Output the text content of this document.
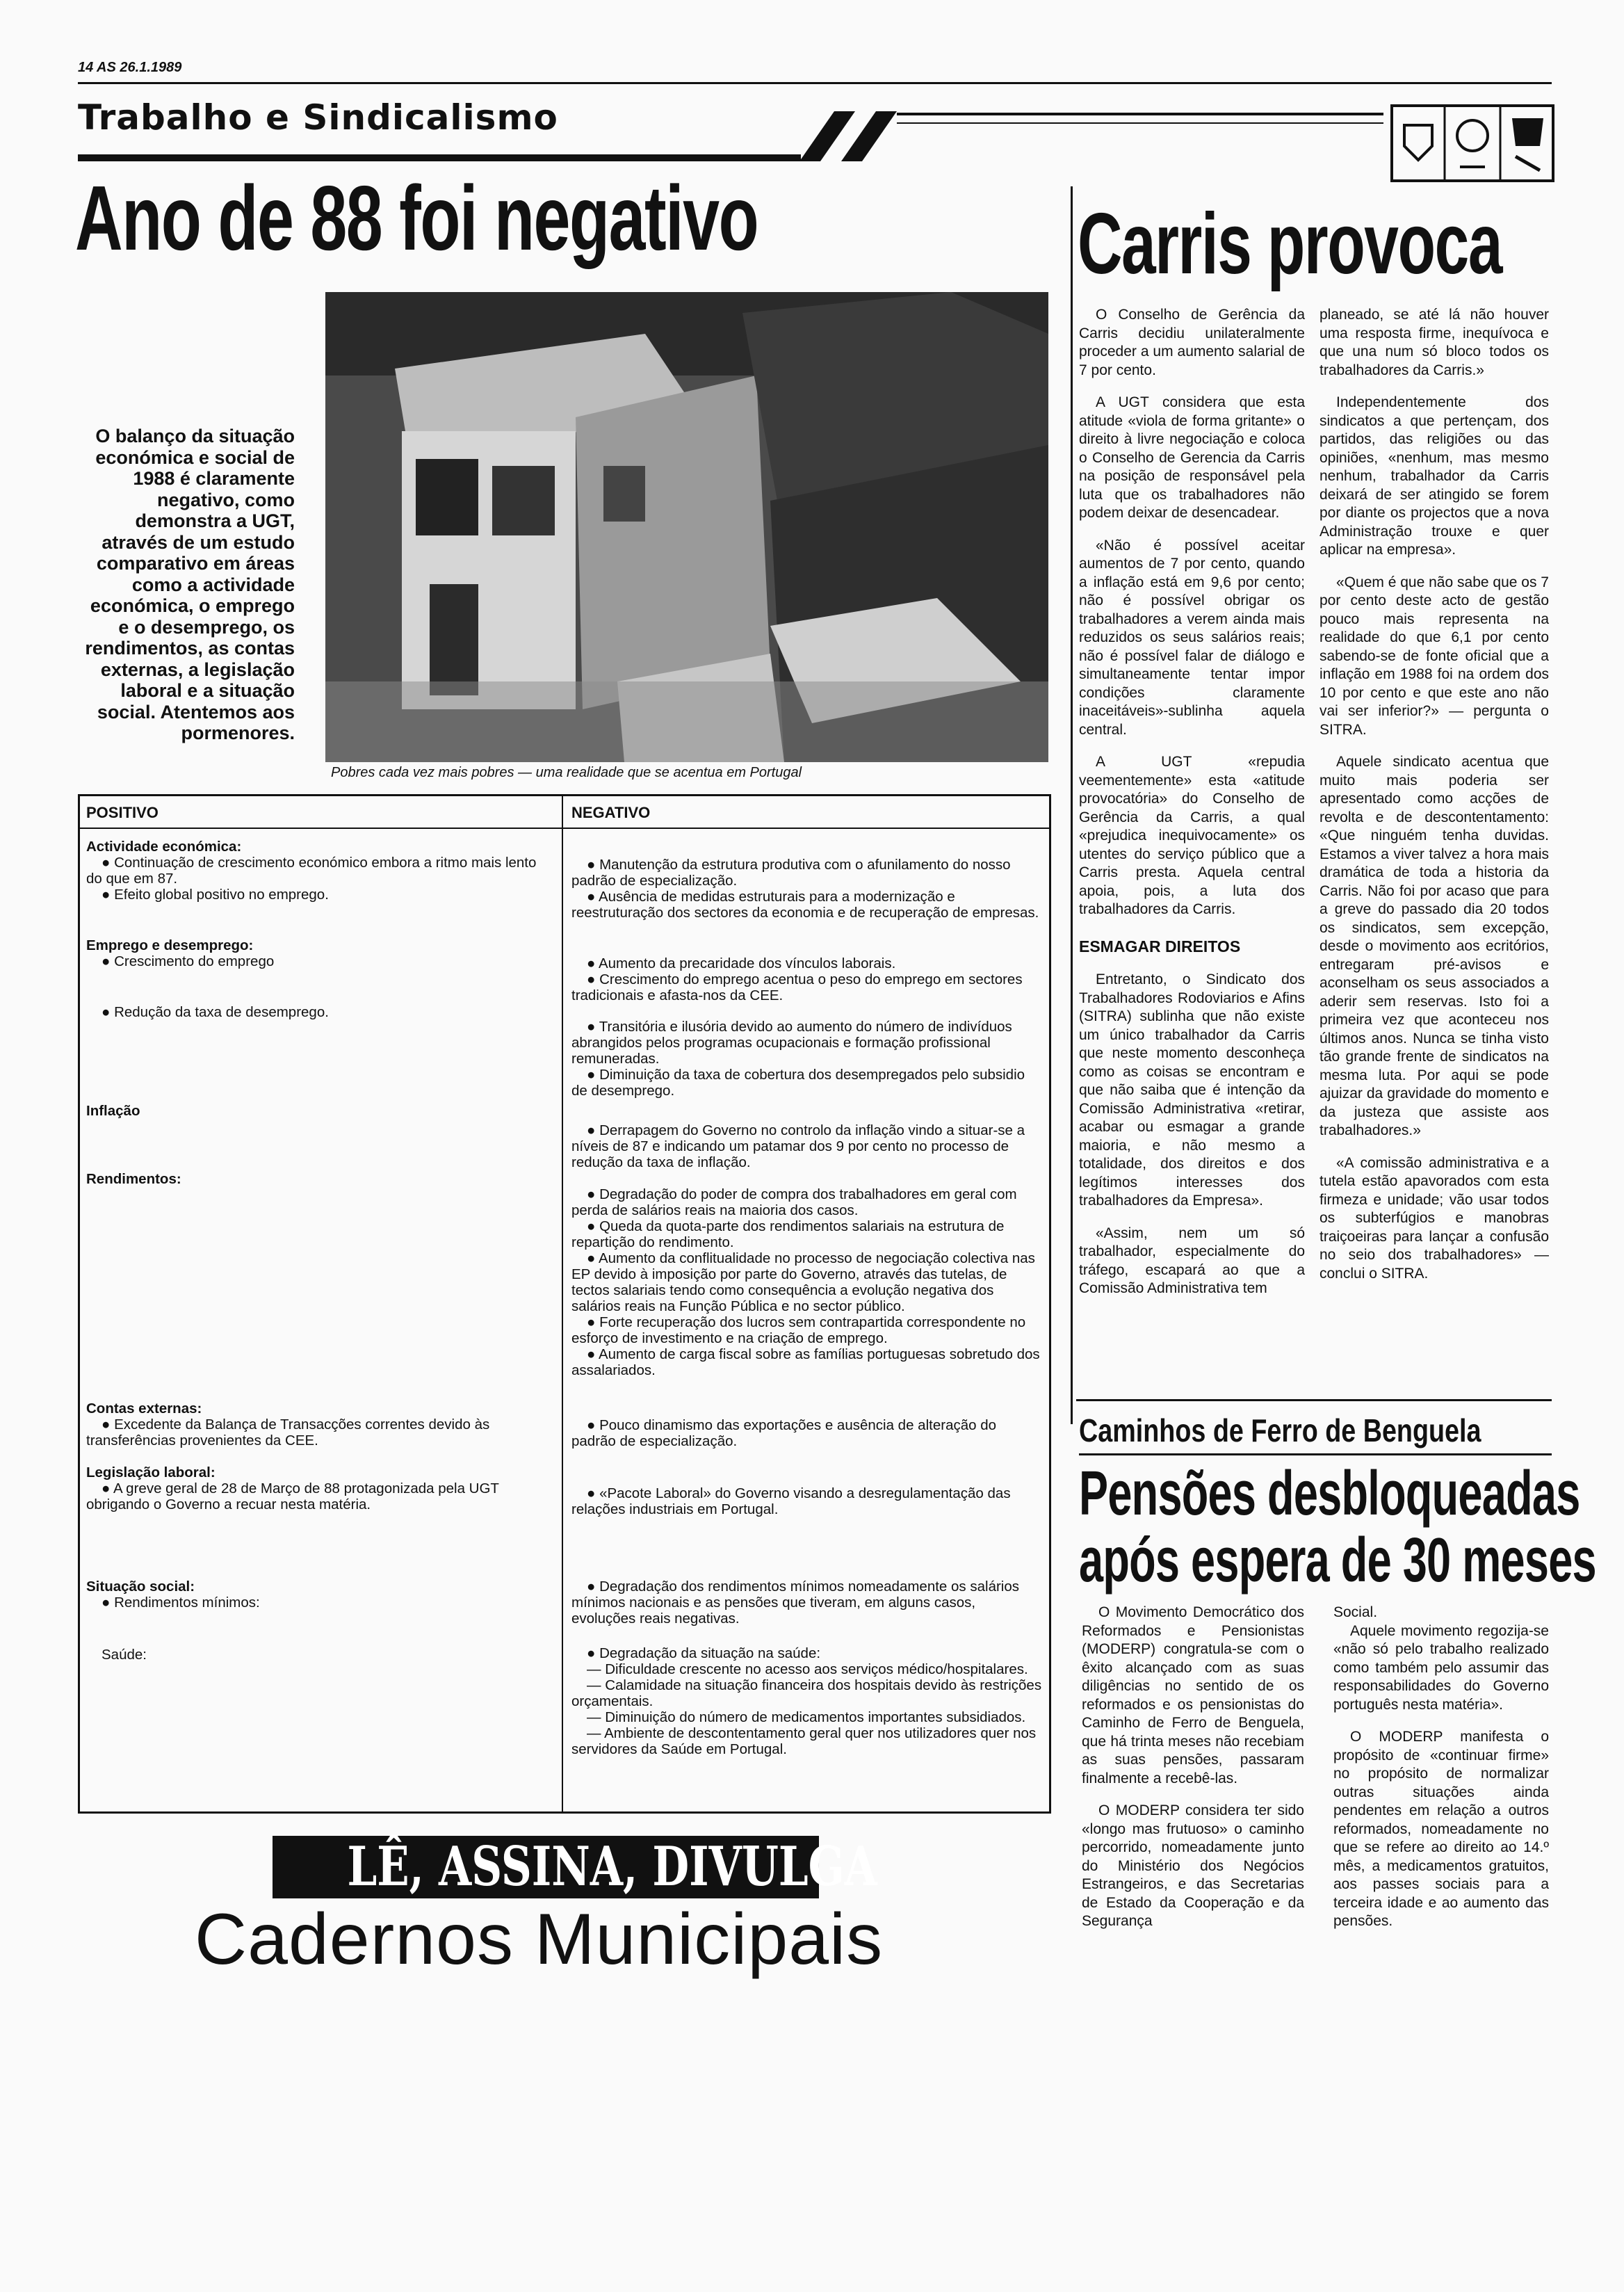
14 AS 26.1.1989
Trabalho e Sindicalismo
Ano de 88 foi negativo
O balanço da situação económica e social de 1988 é claramente negativo, como demonstra a UGT, através de um estudo comparativo em áreas como a actividade económica, o emprego e o desemprego, os rendimentos, as contas externas, a legislação laboral e a situação social. Atentemos aos pormenores.
Pobres cada vez mais pobres — uma realidade que se acentua em Portugal
POSITIVO	NEGATIVO

Actividade económica:

● Continuação de crescimento económico embora a ritmo mais lento do que em 87.

● Efeito global positivo no emprego.

● Manutenção da estrutura produtiva com o afunilamento do nosso padrão de especialização.

● Ausência de medidas estruturais para a modernização e reestruturação dos sectores da economia e de recuperação de empresas.

Emprego e desemprego:

● Crescimento do emprego

● Redução da taxa de desemprego.

● Aumento da precaridade dos vínculos laborais.

● Crescimento do emprego acentua o peso do emprego em sectores tradicionais e afasta-nos da CEE.

● Transitória e ilusória devido ao aumento do número de indivíduos abrangidos pelos programas ocupacionais e formação profissional remuneradas.

● Diminuição da taxa de cobertura dos desempregados pelo subsidio de desemprego.

Inflação

● Derrapagem do Governo no controlo da inflação vindo a situar-se a níveis de 87 e indicando um patamar dos 9 por cento no processo de redução da taxa de inflação.

Rendimentos:

● Degradação do poder de compra dos trabalhadores em geral com perda de salários reais na maioria dos casos.

● Queda da quota-parte dos rendimentos salariais na estrutura de repartição do rendimento.

● Aumento da conflitualidade no processo de negociação colectiva nas EP devido à imposição por parte do Governo, através das tutelas, de tectos salariais tendo como consequência a evolução negativa dos salários reais na Função Pública e no sector público.

● Forte recuperação dos lucros sem contrapartida correspondente no esforço de investimento e na criação de emprego.

● Aumento de carga fiscal sobre as famílias portuguesas sobretudo dos assalariados.

Contas externas:

● Excedente da Balança de Transacções correntes devido às transferências provenientes da CEE.

● Pouco dinamismo das exportações e ausência de alteração do padrão de especialização.

Legislação laboral:

● A greve geral de 28 de Março de 88 protagonizada pela UGT obrigando o Governo a recuar nesta matéria.

● «Pacote Laboral» do Governo visando a desregulamentação das relações industriais em Portugal.

Situação social:

● Rendimentos mínimos:

Saúde:

● Degradação dos rendimentos mínimos nomeadamente os salários mínimos nacionais e as pensões que tiveram, em alguns casos, evoluções reais negativas.

● Degradação da situação na saúde:

— Dificuldade crescente no acesso aos serviços médico/hospitalares.

— Calamidade na situação financeira dos hospitais devido às restrições orçamentais.

— Diminuição do número de medicamentos importantes subsidiados.

— Ambiente de descontentamento geral quer nos utilizadores quer nos servidores da Saúde em Portugal.

LÊ, ASSINA, DIVULGA
Cadernos Municipais
Carris provoca

O Conselho de Gerência da Carris decidiu unilateralmente proceder a um aumento salarial de 7 por cento.

A UGT considera que esta atitude «viola de forma gritante» o direito à livre negociação e coloca o Conselho de Gerencia da Carris na posição de responsável pela luta que os trabalhadores não podem deixar de desencadear.

«Não é possível aceitar aumentos de 7 por cento, quando a inflação está em 9,6 por cento; não é possível obrigar os trabalhadores a verem ainda mais reduzidos os seus salários reais; não é possível falar de diálogo e simultaneamente tentar impor condições claramente inaceitáveis»-sublinha aquela central.

A UGT «repudia veementemente» esta «atitude provocatória» do Conselho de Gerência da Carris, a qual «prejudica inequivocamente» os utentes do serviço público que a Carris presta. Aquela central apoia, pois, a luta dos trabalhadores da Carris.

ESMAGAR DIREITOS

Entretanto, o Sindicato dos Trabalhadores Rodoviarios e Afins (SITRA) sublinha que não existe um único trabalhador da Carris que neste momento desconheça como as coisas se encontram e que não saiba que é intenção da Comissão Administrativa «retirar, acabar ou esmagar a grande maioria, e não mesmo a totalidade, dos direitos e dos legítimos interesses dos trabalhadores da Empresa».

«Assim, nem um só trabalhador, especialmente do tráfego, escapará ao que a Comissão Administrativa tem

planeado, se até lá não houver uma resposta firme, inequívoca e que una num só bloco todos os trabalhadores da Carris.»

Independentemente dos sindicatos a que pertençam, dos partidos, das religiões ou das opiniões, «nenhum, mas mesmo nenhum, trabalhador da Carris deixará de ser atingido se forem por diante os projectos que a nova Administração trouxe e quer aplicar na empresa».

«Quem é que não sabe que os 7 por cento deste acto de gestão pouco mais representa na realidade do que 6,1 por cento sabendo-se de fonte oficial que a inflação em 1988 foi na ordem dos 10 por cento e que este ano não vai ser inferior?» — pergunta o SITRA.

Aquele sindicato acentua que muito mais poderia ser apresentado como acções de revolta e de descontentamento: «Que ninguém tenha duvidas. Estamos a viver talvez a hora mais dramática de toda a historia da Carris. Não foi por acaso que para a greve do passado dia 20 todos os sindicatos, sem excepção, desde o movimento aos ecritórios, entregaram pré-avisos e aconselham os seus associados a aderir sem reservas. Isto foi a primeira vez que aconteceu nos últimos anos. Nunca se tinha visto tão grande frente de sindicatos na mesma luta. Por aqui se pode ajuizar da gravidade do momento e da justeza que assiste aos trabalhadores.»

«A comissão administrativa e a tutela estão apavorados com esta firmeza e unidade; vão usar todos os subterfúgios e manobras traiçoeiras para lançar a confusão no seio dos trabalhadores» — conclui o SITRA.

Caminhos de Ferro de Benguela
Pensões desbloqueadas
após espera de 30 meses

O Movimento Democrático dos Reformados e Pensionistas (MODERP) congratula-se com o êxito alcançado com as suas diligências no sentido de os reformados e os pensionistas do Caminho de Ferro de Benguela, que há trinta meses não recebiam as suas pensões, passaram finalmente a recebê-las.

O MODERP considera ter sido «longo mas frutuoso» o caminho percorrido, nomeadamente junto do Ministério dos Negócios Estrangeiros, e das Secretarias de Estado da Cooperação e da Segurança

Social.

Aquele movimento regozija-se «não só pelo trabalho realizado como também pelo assumir das responsabilidades do Governo português nesta matéria».

O MODERP manifesta o propósito de «continuar firme» no propósito de normalizar outras situações ainda pendentes em relação a outros reformados, nomeadamente no que se refere ao direito ao 14.º mês, a medicamentos gratuitos, aos passes sociais para a terceira idade e ao aumento das pensões.
